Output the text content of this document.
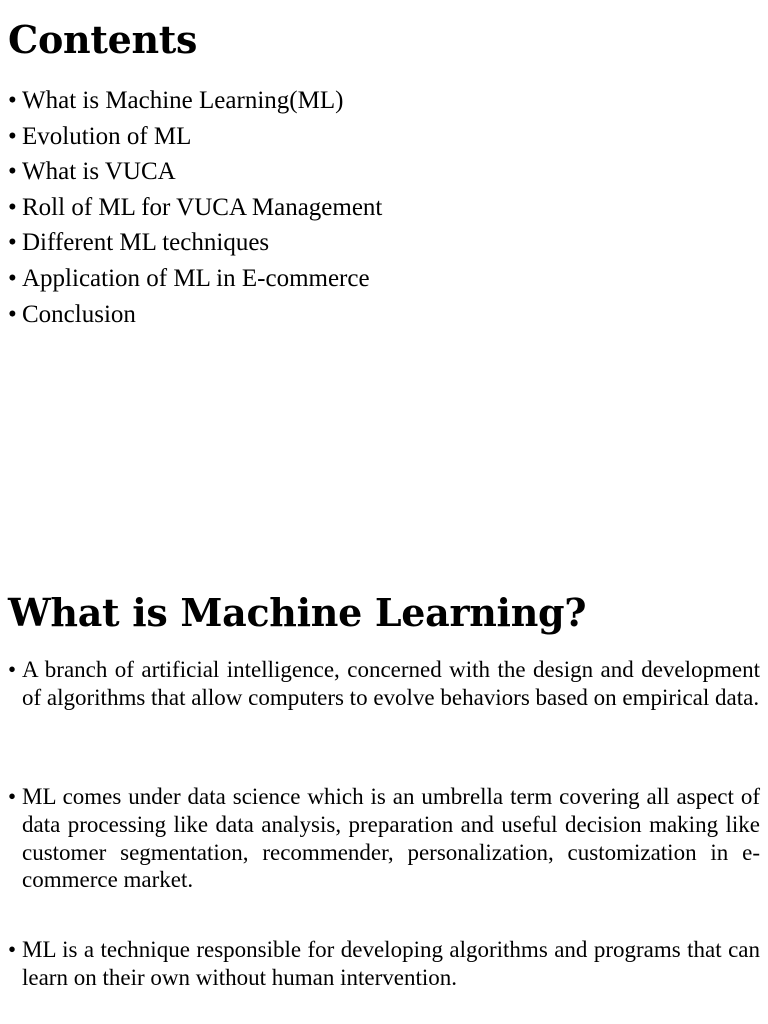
Contents
• What is Machine Learning(ML)
• Evolution of ML
• What is VUCA
• Roll of ML for VUCA Management
• Different ML techniques
• Application of ML in E-commerce
• Conclusion
What is Machine Learning?

• A branch of artificial intelligence, concerned with the design and development of algorithms that allow computers to evolve behaviors based on empirical data.

• ML comes under data science which is an umbrella term covering all aspect of data processing like data analysis, preparation and useful decision making like customer segmentation, recommender, personalization, customization in e-commerce market.

• ML is a technique responsible for developing algorithms and programs that can learn on their own without human intervention.
